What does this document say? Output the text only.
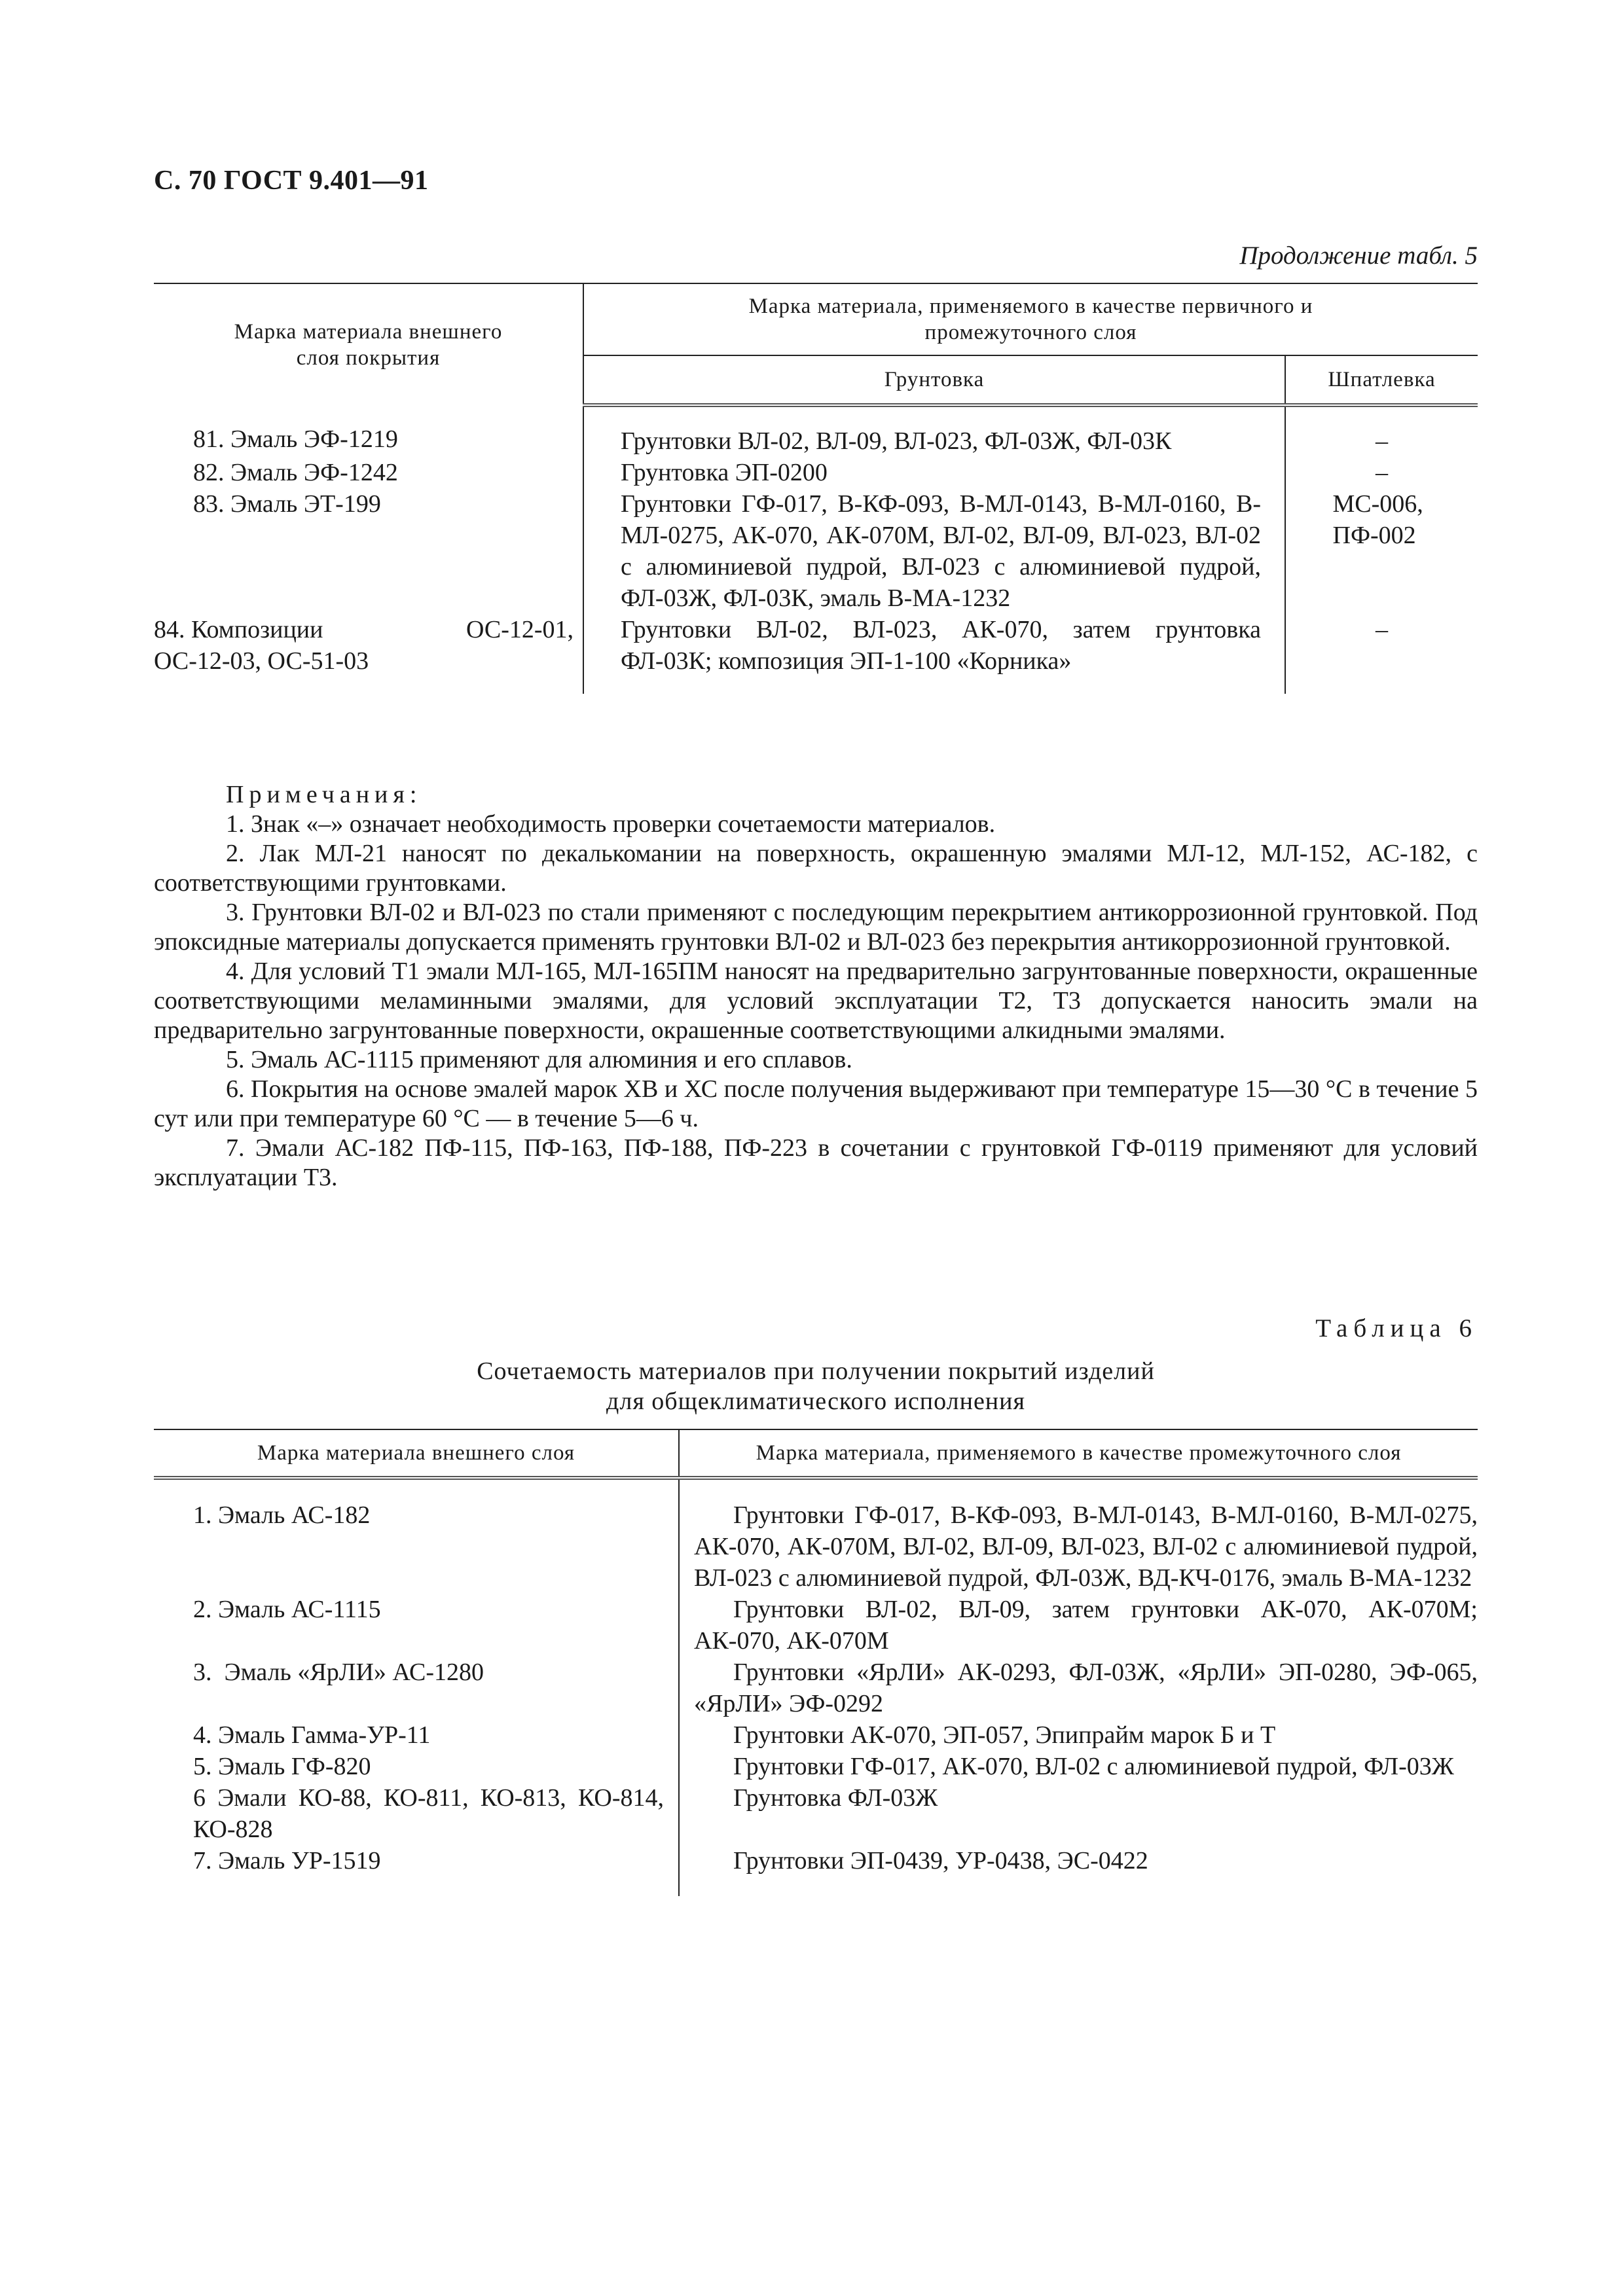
С. 70 ГОСТ 9.401—91
Продолжение табл. 5
Марка материала внешнего слоя покрытия	Марка материала, применяемого в качестве первичного и промежуточного слоя	

	Грунтовка	Шпатлевка
81. Эмаль ЭФ-1219	Грунтовки ВЛ-02, ВЛ-09, ВЛ-023, ФЛ-03Ж, ФЛ-03К	–
82. Эмаль ЭФ-1242	Грунтовка ЭП-0200	–
83. Эмаль ЭТ-199	Грунтовки ГФ-017, В-КФ-093, В-МЛ-0143, В-МЛ-0160, В-МЛ-0275, АК-070, АК-070М, ВЛ-02, ВЛ-09, ВЛ-023, ВЛ-02 с алюминиевой пудрой, ВЛ-023 с алюминиевой пудрой, ФЛ-03Ж, ФЛ-03К, эмаль В-МА-1232	МС-006, ПФ-002

84. Композиции ОС-12-01,
ОС-12-03, ОС-51-03	Грунтовки ВЛ-02, ВЛ-023, АК-070, затем грунтовка ФЛ-03К; композиция ЭП-1-100 «Корника»	–
Примечания:

1. Знак «–» означает необходимость проверки сочетаемости материалов.

2. Лак МЛ-21 наносят по декалькомании на поверхность, окрашенную эмалями МЛ-12, МЛ-152, АС-182, с соответствующими грунтовками.

3. Грунтовки ВЛ-02 и ВЛ-023 по стали применяют с последующим перекрытием антикоррозионной грунтовкой. Под эпоксидные материалы допускается применять грунтовки ВЛ-02 и ВЛ-023 без перекрытия антикоррозионной грунтовкой.

4. Для условий Т1 эмали МЛ-165, МЛ-165ПМ наносят на предварительно загрунтованные поверхности, окрашенные соответствующими меламинными эмалями, для условий эксплуатации Т2, Т3 допускается наносить эмали на предварительно загрунтованные поверхности, окрашенные соответствующими алкидными эмалями.

5. Эмаль АС-1115 применяют для алюминия и его сплавов.

6. Покрытия на основе эмалей марок ХВ и ХС после получения выдерживают при температуре 15—30 °С в течение 5 сут или при температуре 60 °С — в течение 5—6 ч.

7. Эмали АС-182 ПФ-115, ПФ-163, ПФ-188, ПФ-223 в сочетании с грунтовкой ГФ-0119 применяют для условий эксплуатации Т3.

Таблица 6
Сочетаемость материалов при получении покрытий изделий
для общеклиматического исполнения
Марка материала внешнего слоя	Марка материала, применяемого в качестве промежуточного слоя
1. Эмаль АС-182	Грунтовки ГФ-017, В-КФ-093, В-МЛ-0143, В-МЛ-0160, В-МЛ-0275, АК-070, АК-070М, ВЛ-02, ВЛ-09, ВЛ-023, ВЛ-02 с алюминиевой пудрой, ВЛ-023 с алюминиевой пудрой, ФЛ-03Ж, ВД-КЧ-0176, эмаль В-МА-1232
2. Эмаль АС-1115	Грунтовки ВЛ-02, ВЛ-09, затем грунтовки АК-070, АК-070М; АК-070, АК-070М
3.  Эмаль «ЯрЛИ» АС-1280	Грунтовки «ЯрЛИ» АК-0293, ФЛ-03Ж, «ЯрЛИ» ЭП-0280, ЭФ-065, «ЯрЛИ» ЭФ-0292
4. Эмаль Гамма-УР-11	Грунтовки АК-070, ЭП-057, Эпипрайм марок Б и Т
5. Эмаль ГФ-820	Грунтовки ГФ-017, АК-070, ВЛ-02 с алюминиевой пудрой, ФЛ-03Ж
6 Эмали КО-88, КО-811, КО-813, КО-814, КО-828	Грунтовка ФЛ-03Ж
7. Эмаль УР-1519	Грунтовки ЭП-0439, УР-0438, ЭС-0422
